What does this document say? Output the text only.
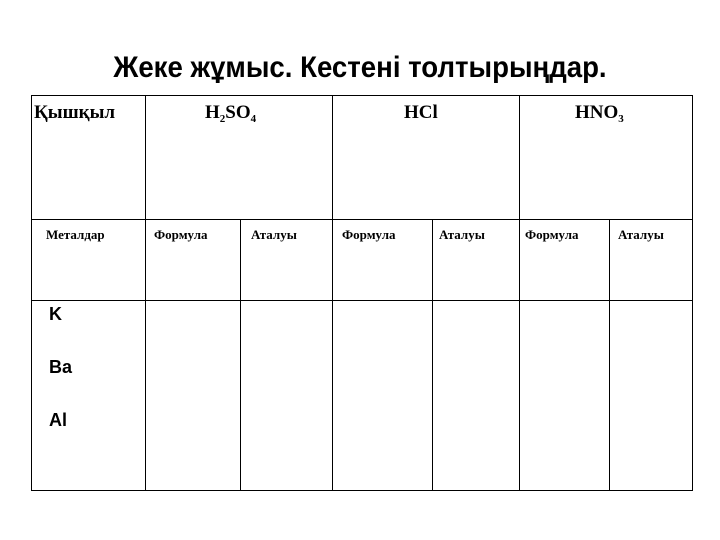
Жеке жұмыс. Кестені толтырыңдар.
Қышқыл	$H_2SO_4$	HCl	$HNO_3$
Металдар	Формула	Аталуы	Формула	Аталуы	Формула	Аталуы
K
Ba
Al
